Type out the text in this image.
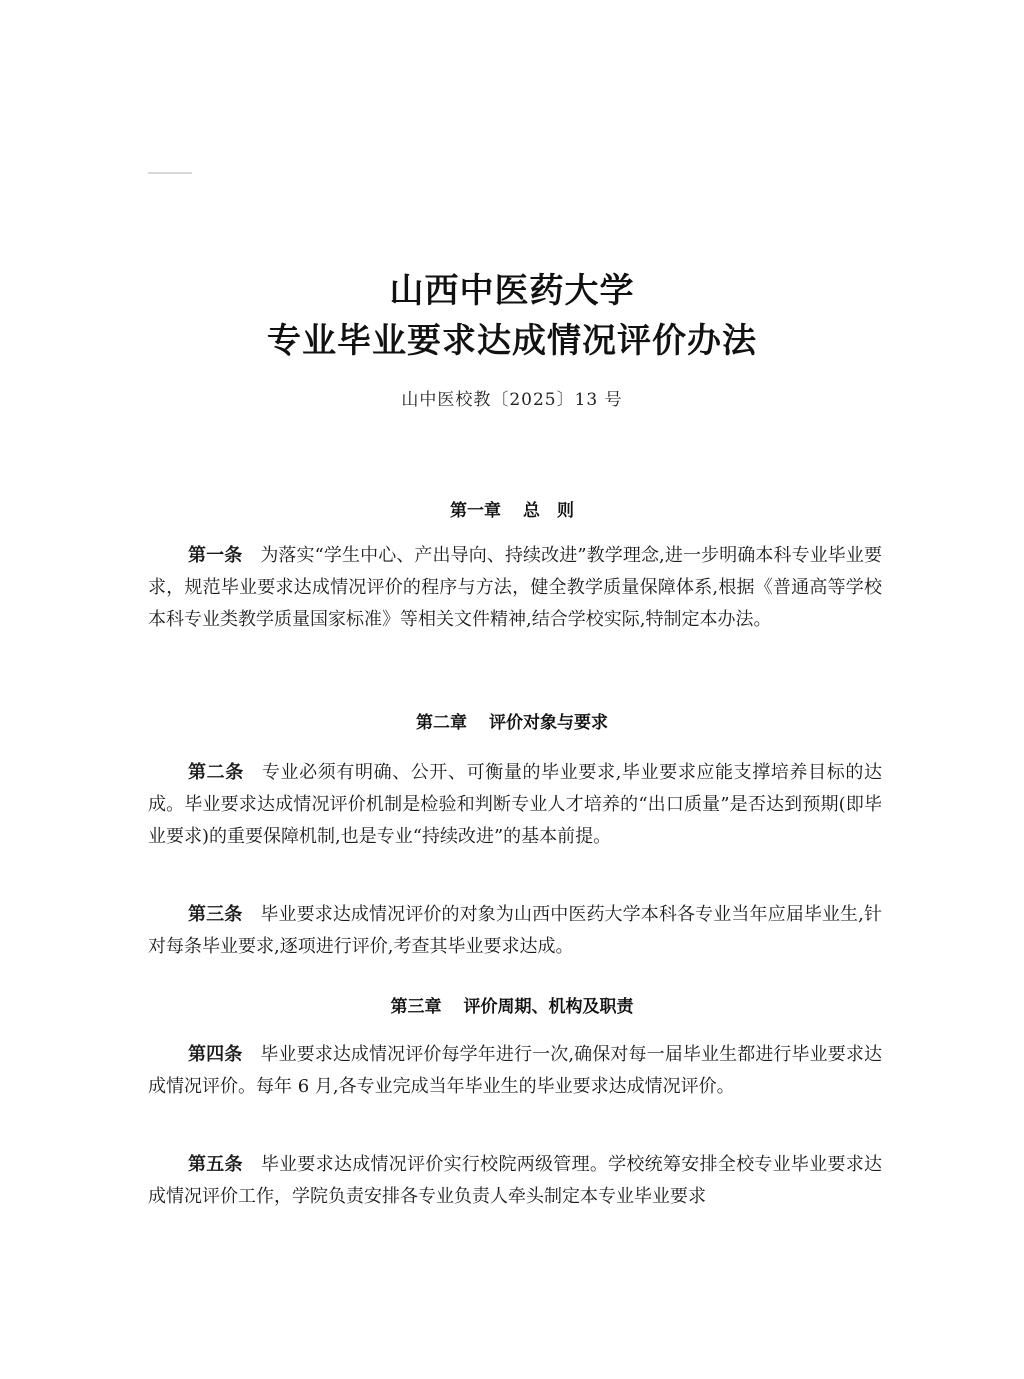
山西中医药大学
专业毕业要求达成情况评价办法
山中医校教〔2025〕13 号
第一章 总　则
第一条 为落实“学生中心、产出导向、持续改进”教学理念,进一步明确本科专业毕业要求，规范毕业要求达成情况评价的程序与方法，健全教学质量保障体系,根据《普通高等学校本科专业类教学质量国家标准》等相关文件精神,结合学校实际,特制定本办法。
第二章 评价对象与要求
第二条 专业必须有明确、公开、可衡量的毕业要求,毕业要求应能支撑培养目标的达成。毕业要求达成情况评价机制是检验和判断专业人才培养的“出口质量”是否达到预期(即毕业要求)的重要保障机制,也是专业“持续改进”的基本前提。
第三条 毕业要求达成情况评价的对象为山西中医药大学本科各专业当年应届毕业生,针对每条毕业要求,逐项进行评价,考查其毕业要求达成。
第三章 评价周期、机构及职责
第四条 毕业要求达成情况评价每学年进行一次,确保对每一届毕业生都进行毕业要求达成情况评价。每年 6 月,各专业完成当年毕业生的毕业要求达成情况评价。
第五条 毕业要求达成情况评价实行校院两级管理。学校统筹安排全校专业毕业要求达成情况评价工作，学院负责安排各专业负责人牵头制定本专业毕业要求
